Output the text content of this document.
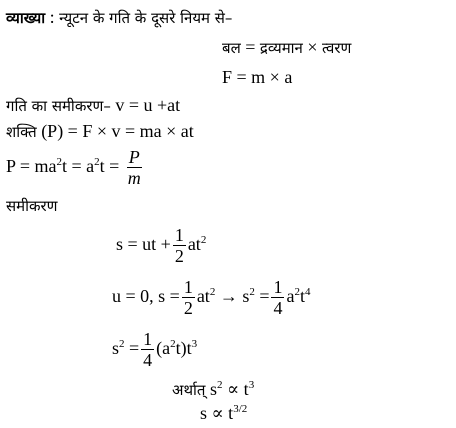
व्याख्या : न्यूटन के गति के दूसरे नियम से–
बल = द्रव्यमान × त्वरण
F = m × a
गति का समीकरण– v = u +at
शक्ति (P) = F × v = ma × at
$P = ma^2t = a^2t = \frac{P}{m}$
समीकरण
s = ut + $\frac{1}{2} at^2$
u = 0, $s = \frac{1}{2} at^2 \to s^2 = \frac{1}{4} a^2t^4$
$s^2 = \frac{1}{4} (a^2t)t^3$
अर्थात् $s^2 \propto t^3$
$s \propto t^{3/2}$
